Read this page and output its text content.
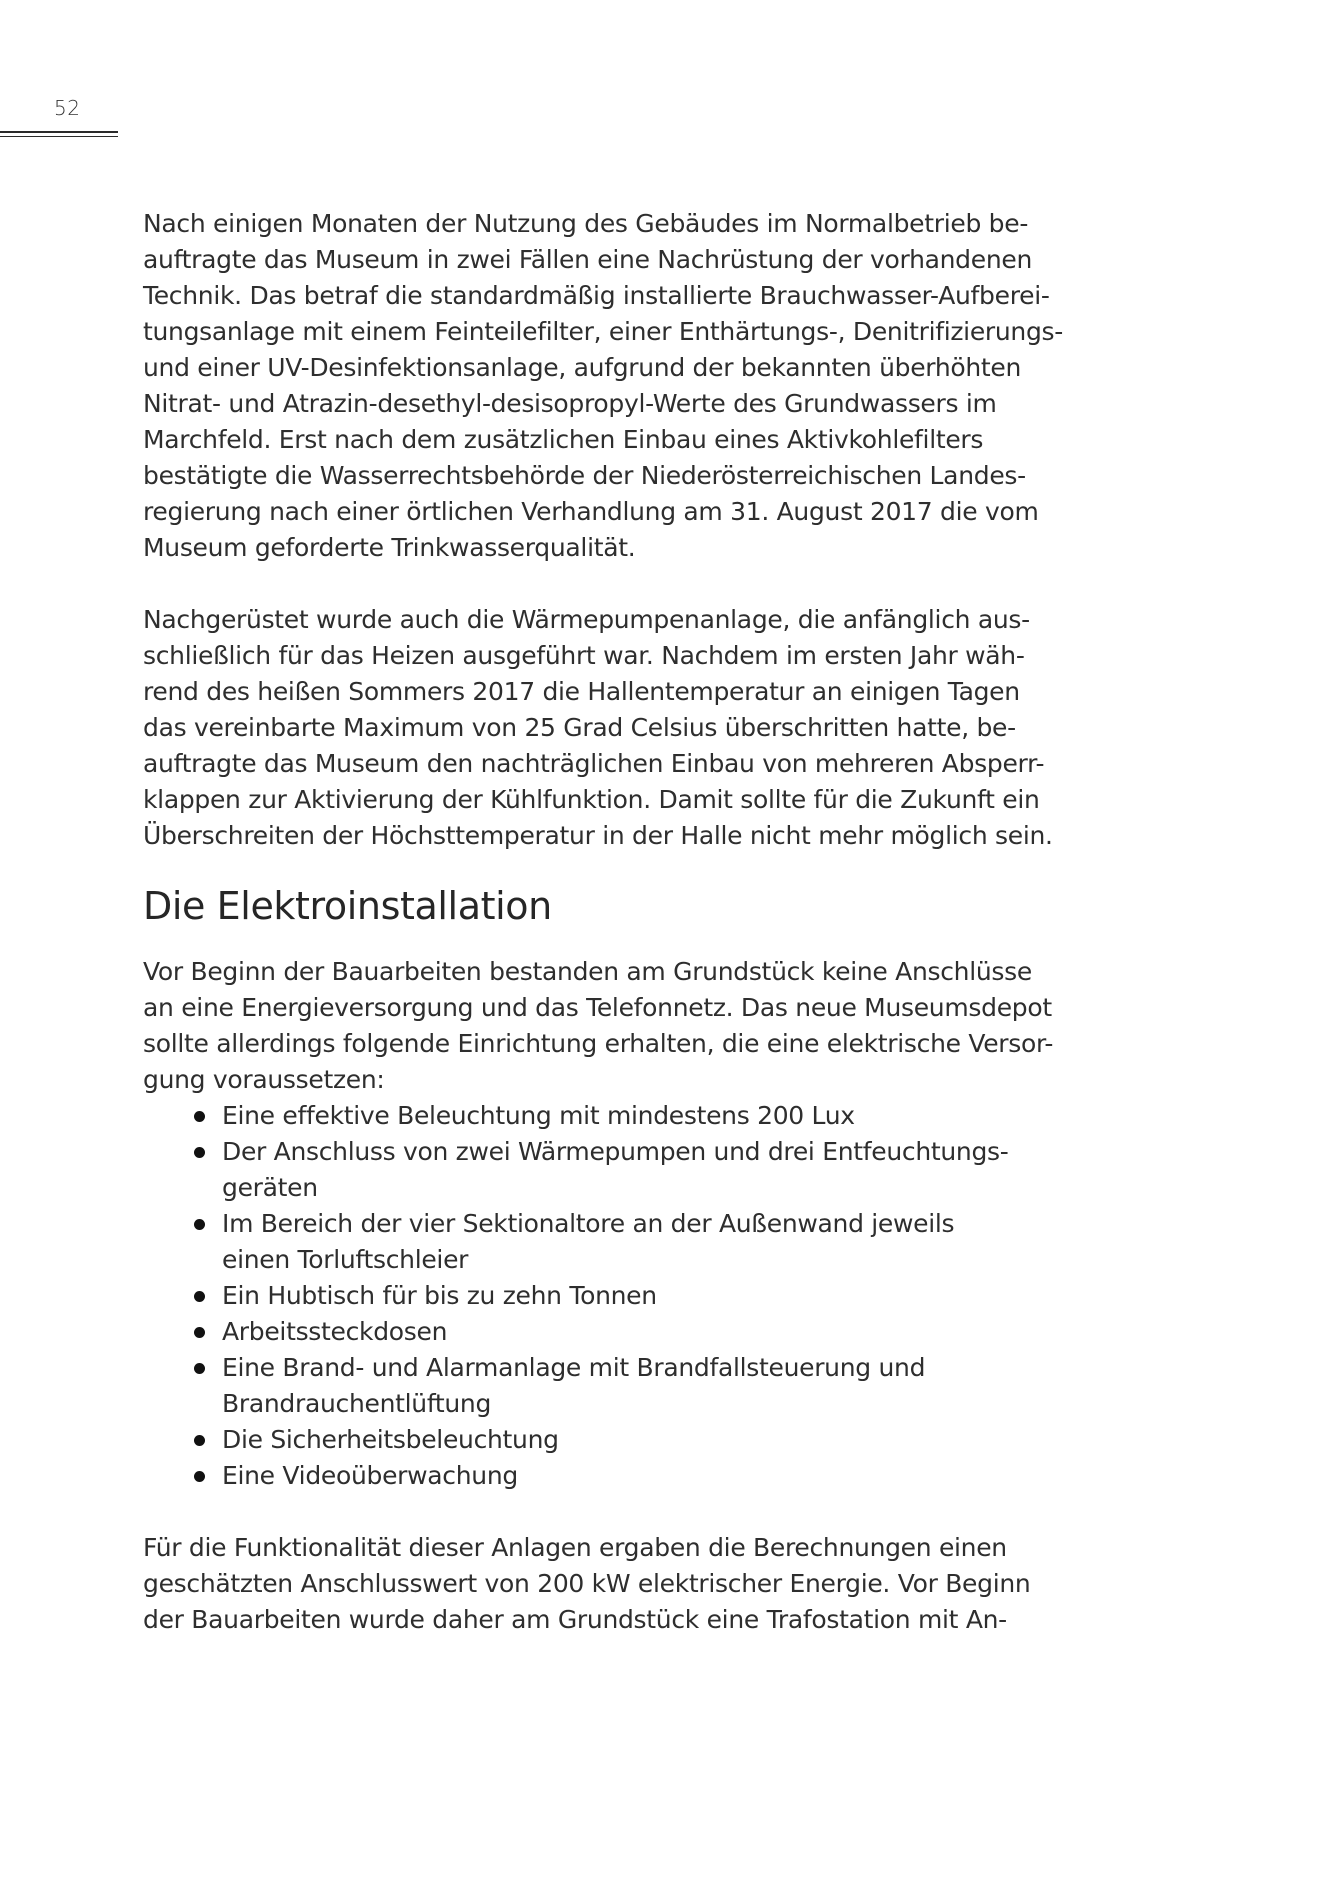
52
Nach einigen Monaten der Nutzung des Gebäudes im Normalbetrieb be-
auftragte das Museum in zwei Fällen eine Nachrüstung der vorhandenen
Technik. Das betraf die standardmäßig installierte Brauchwasser-Aufberei-
tungsanlage mit einem Feinteilefilter, einer Enthärtungs-, Denitrifizierungs-
und einer UV-Desinfektionsanlage, aufgrund der bekannten überhöhten
Nitrat- und Atrazin-desethyl-desisopropyl-Werte des Grundwassers im
Marchfeld. Erst nach dem zusätzlichen Einbau eines Aktivkohlefilters
bestätigte die Wasserrechtsbehörde der Niederösterreichischen Landes-
regierung nach einer örtlichen Verhandlung am 31. August 2017 die vom
Museum geforderte Trinkwasserqualität.
Nachgerüstet wurde auch die Wärmepumpenanlage, die anfänglich aus-
schließlich für das Heizen ausgeführt war. Nachdem im ersten Jahr wäh-
rend des heißen Sommers 2017 die Hallentemperatur an einigen Tagen
das vereinbarte Maximum von 25 Grad Celsius überschritten hatte, be-
auftragte das Museum den nachträglichen Einbau von mehreren Absperr-
klappen zur Aktivierung der Kühlfunktion. Damit sollte für die Zukunft ein
Überschreiten der Höchsttemperatur in der Halle nicht mehr möglich sein.
Die Elektroinstallation
Vor Beginn der Bauarbeiten bestanden am Grundstück keine Anschlüsse
an eine Energieversorgung und das Telefonnetz. Das neue Museumsdepot
sollte allerdings folgende Einrichtung erhalten, die eine elektrische Versor-
gung voraussetzen:
Eine effektive Beleuchtung mit mindestens 200 Lux
Der Anschluss von zwei Wärmepumpen und drei Entfeuchtungs-
geräten
Im Bereich der vier Sektionaltore an der Außenwand jeweils
einen Torluftschleier
Ein Hubtisch für bis zu zehn Tonnen
Arbeitssteckdosen
Eine Brand- und Alarmanlage mit Brandfallsteuerung und
Brandrauchentlüftung
Die Sicherheitsbeleuchtung
Eine Videoüberwachung
Für die Funktionalität dieser Anlagen ergaben die Berechnungen einen
geschätzten Anschlusswert von 200 kW elektrischer Energie. Vor Beginn
der Bauarbeiten wurde daher am Grundstück eine Trafostation mit An-
